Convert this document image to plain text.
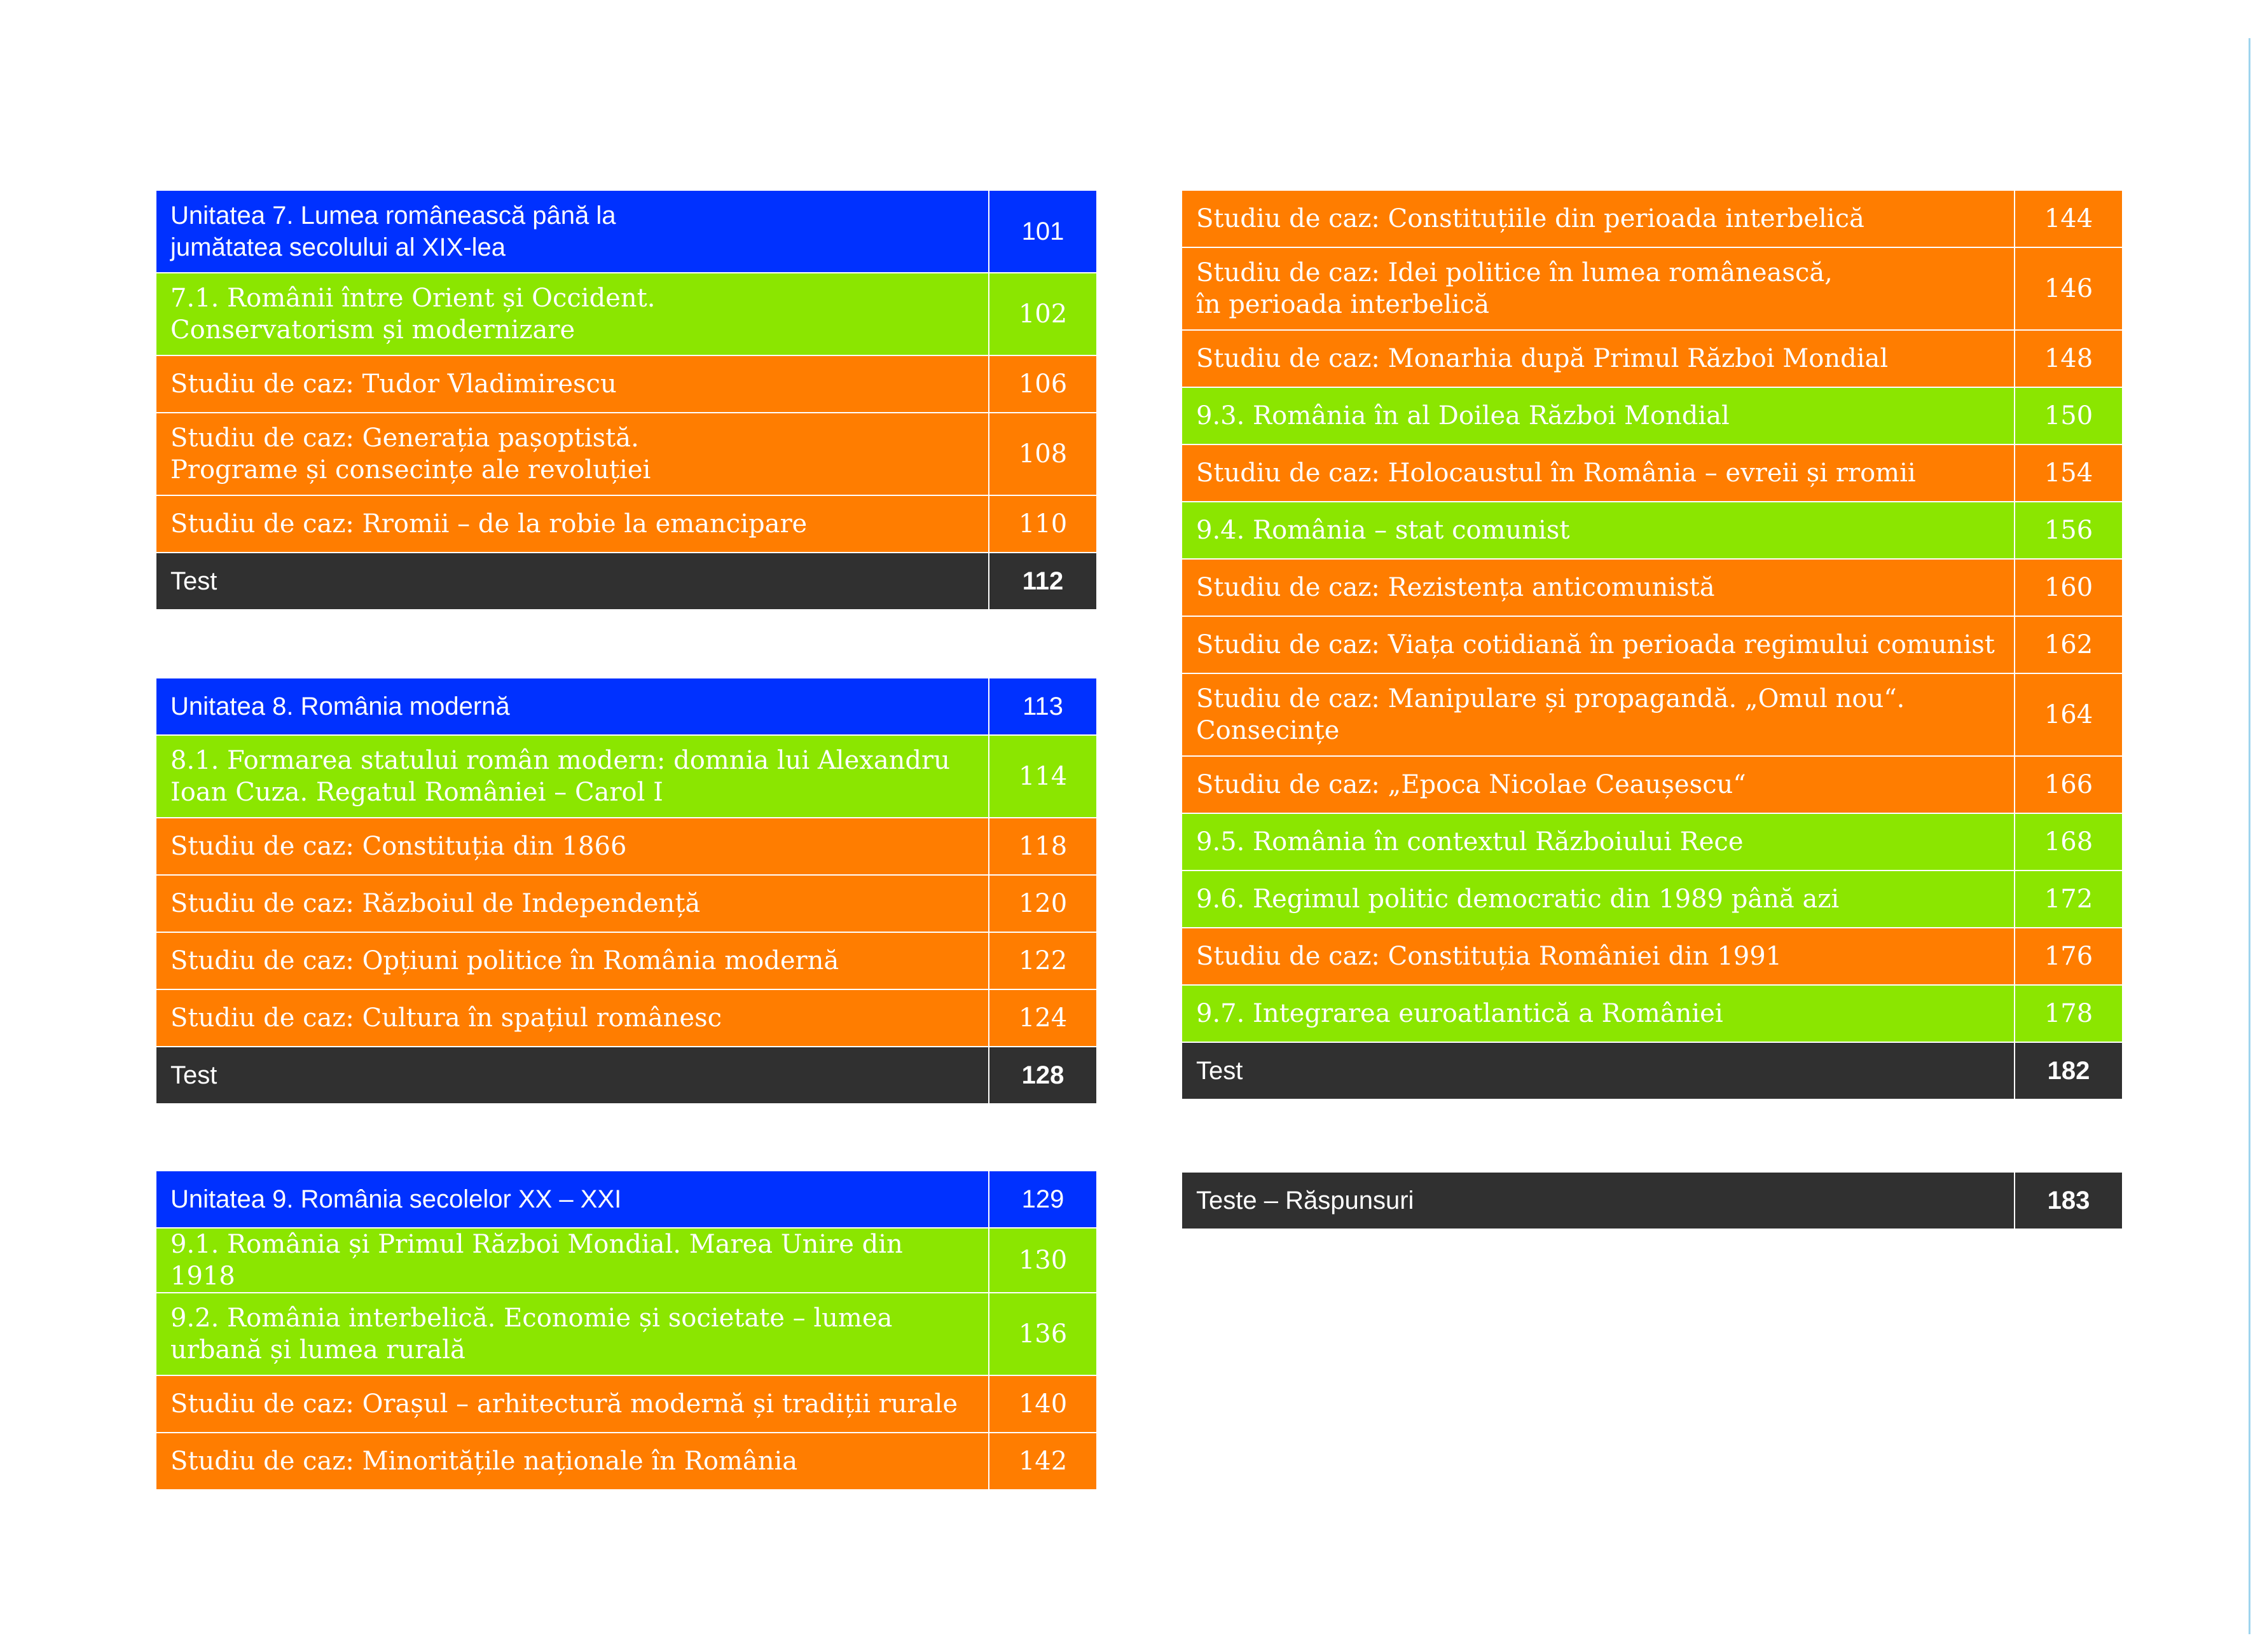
Unitatea 7. Lumea românească până la
jumătatea secolului al XIX-lea	101
7.1. Românii între Orient și Occident.
Conservatorism și modernizare	102
Studiu de caz: Tudor Vladimirescu	106
Studiu de caz: Generația pașoptistă.
Programe și consecințe ale revoluției	108
Studiu de caz: Rromii – de la robie la emancipare	110
Test	112
Unitatea 8. România modernă	113
8.1. Formarea statului român modern: domnia lui Alexandru
Ioan Cuza. Regatul României – Carol I	114
Studiu de caz: Constituția din 1866	118
Studiu de caz: Războiul de Independență	120
Studiu de caz: Opțiuni politice în România modernă	122
Studiu de caz: Cultura în spațiul românesc	124
Test	128
Unitatea 9. România secolelor XX – XXI	129
9.1. România și Primul Război Mondial. Marea Unire din 1918	130
9.2. România interbelică. Economie și societate – lumea
urbană și lumea rurală	136
Studiu de caz: Orașul – arhitectură modernă și tradiții rurale	140
Studiu de caz: Minoritățile naționale în România	142
Studiu de caz: Constituțiile din perioada interbelică	144
Studiu de caz: Idei politice în lumea românească,
în perioada interbelică	146
Studiu de caz: Monarhia după Primul Război Mondial	148
9.3. România în al Doilea Război Mondial	150
Studiu de caz: Holocaustul în România – evreii și rromii	154
9.4. România – stat comunist	156
Studiu de caz: Rezistența anticomunistă	160
Studiu de caz: Viața cotidiană în perioada regimului comunist	162
Studiu de caz: Manipulare și propagandă. „Omul nou“.
Consecințe	164
Studiu de caz: „Epoca Nicolae Ceaușescu“	166
9.5. România în contextul Războiului Rece	168
9.6. Regimul politic democratic din 1989 până azi	172
Studiu de caz: Constituția României din 1991	176
9.7. Integrarea euroatlantică a României	178
Test	182
Teste – Răspunsuri	183
